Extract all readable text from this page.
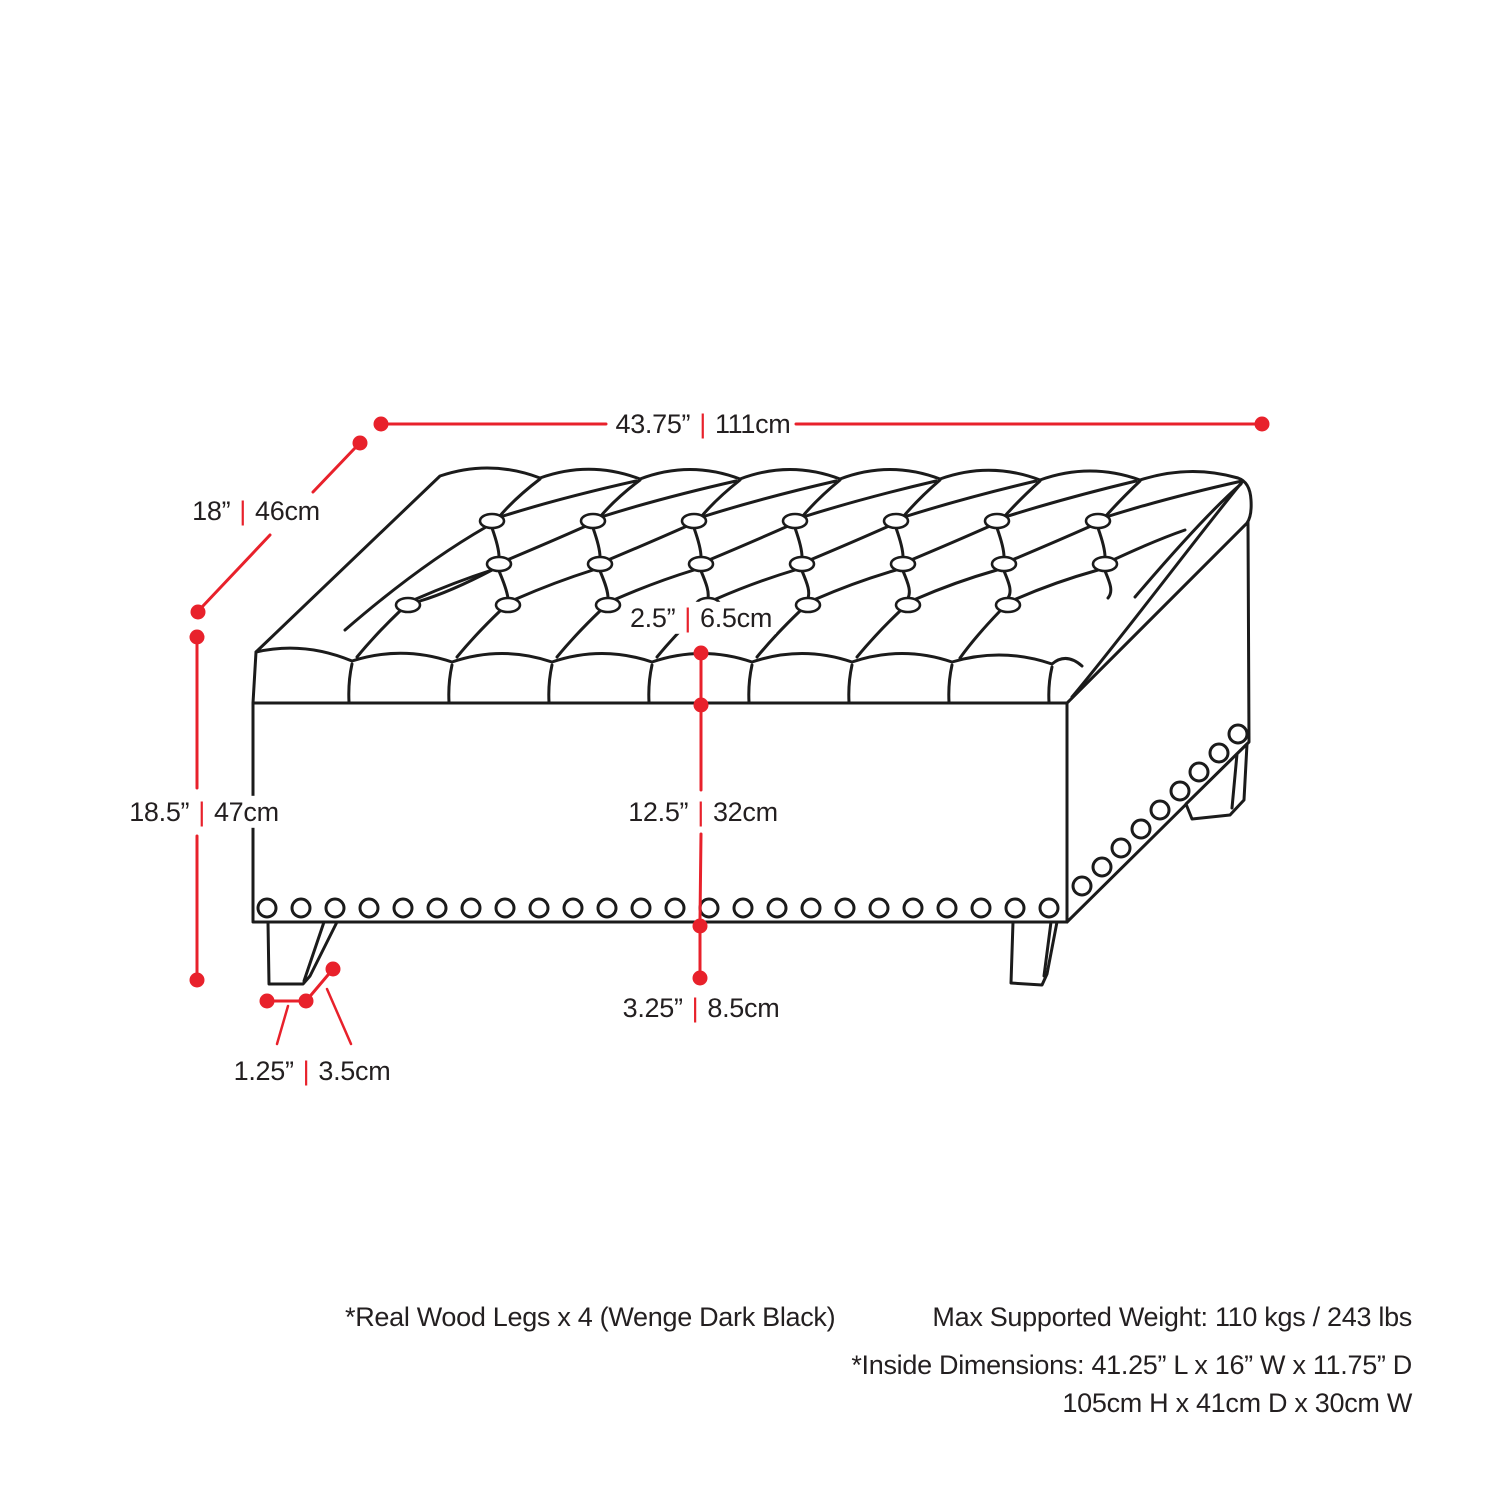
43.75” | 111cm
18” | 46cm
18.5” | 47cm
2.5” | 6.5cm
12.5” | 32cm
3.25” | 8.5cm
1.25” | 3.5cm
*Real Wood Legs x 4 (Wenge Dark Black)	Max Supported Weight: 110 kgs / 243 lbs
*Inside Dimensions: 41.25” L x 16” W x 11.75” D
105cm H x 41cm D x 30cm W
